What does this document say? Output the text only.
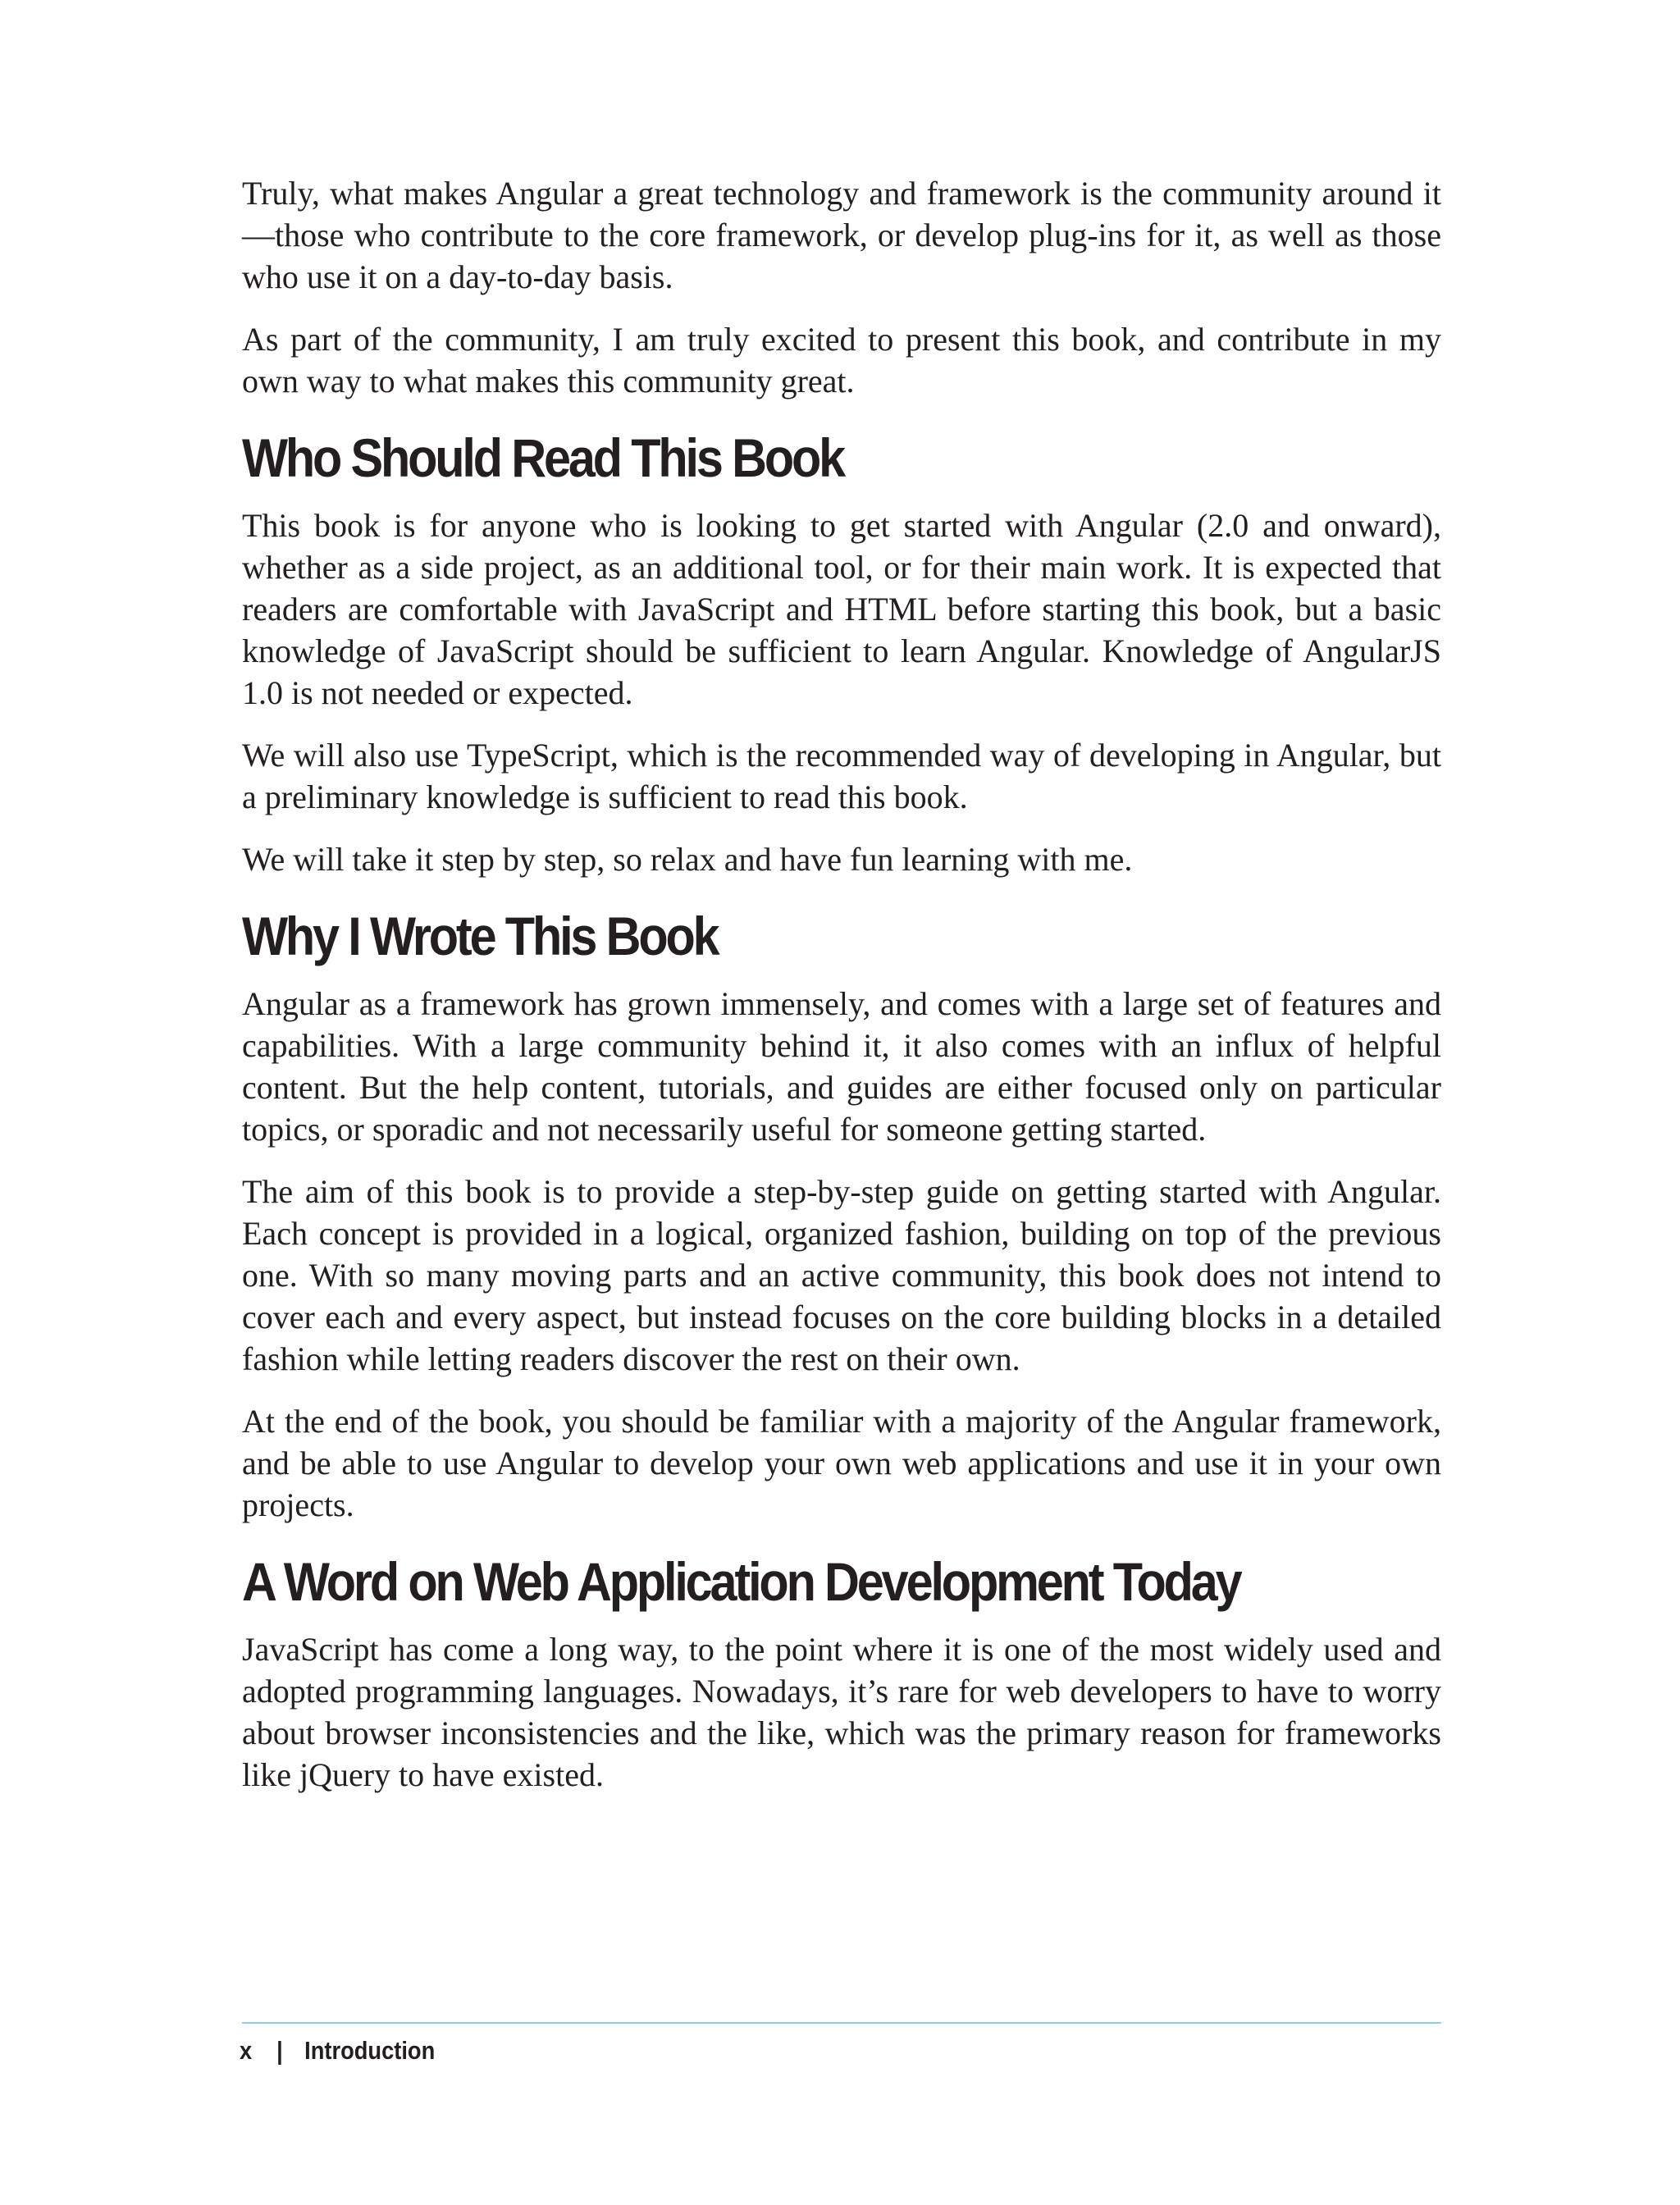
Truly, what makes Angular a great technology and framework is the community around it—those who contribute to the core framework, or develop plug-ins for it, as well as those who use it on a day-to-day basis.

As part of the community, I am truly excited to present this book, and contribute in my own way to what makes this community great.

Who Should Read This Book

This book is for anyone who is looking to get started with Angular (2.0 and onward), whether as a side project, as an additional tool, or for their main work. It is expected that readers are comfortable with JavaScript and HTML before starting this book, but a basic knowledge of JavaScript should be sufficient to learn Angular. Knowledge of AngularJS 1.0 is not needed or expected.

We will also use TypeScript, which is the recommended way of developing in Angular, but a preliminary knowledge is sufficient to read this book.

We will take it step by step, so relax and have fun learning with me.

Why I Wrote This Book

Angular as a framework has grown immensely, and comes with a large set of features and capabilities. With a large community behind it, it also comes with an influx of helpful content. But the help content, tutorials, and guides are either focused only on particular topics, or sporadic and not necessarily useful for someone getting started.

The aim of this book is to provide a step-by-step guide on getting started with Angular. Each concept is provided in a logical, organized fashion, building on top of the previous one. With so many moving parts and an active community, this book does not intend to cover each and every aspect, but instead focuses on the core building blocks in a detailed fashion while letting readers discover the rest on their own.

At the end of the book, you should be familiar with a majority of the Angular framework, and be able to use Angular to develop your own web applications and use it in your own projects.

A Word on Web Application Development Today

JavaScript has come a long way, to the point where it is one of the most widely used and adopted programming languages. Nowadays, it’s rare for web developers to have to worry about browser inconsistencies and the like, which was the primary reason for frameworks like jQuery to have existed.

x | Introduction
